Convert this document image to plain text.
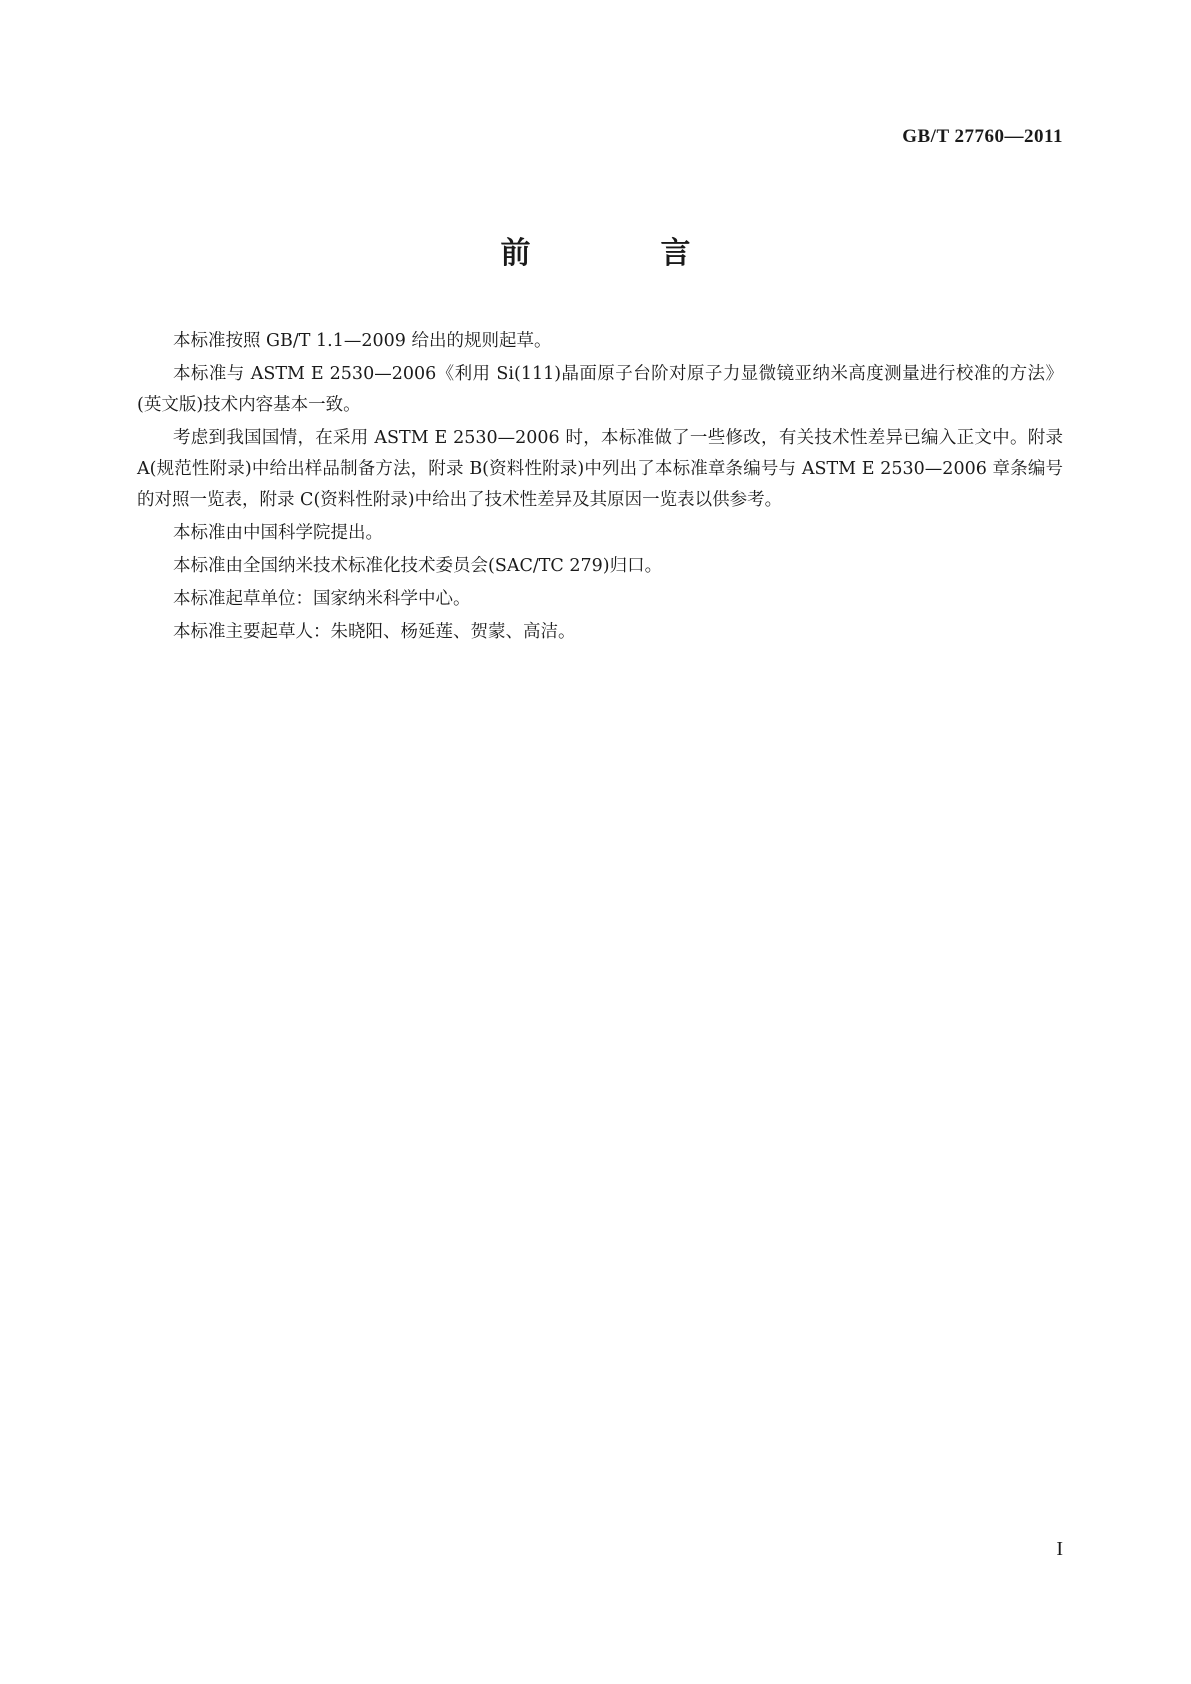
GB/T 27760—2011
前　言

本标准按照 GB/T 1.1—2009 给出的规则起草。

本标准与 ASTM E 2530—2006《利用 Si(111)晶面原子台阶对原子力显微镜亚纳米高度测量进行校准的方法》(英文版)技术内容基本一致。

考虑到我国国情，在采用 ASTM E 2530—2006 时，本标准做了一些修改，有关技术性差异已编入正文中。附录 A(规范性附录)中给出样品制备方法，附录 B(资料性附录)中列出了本标准章条编号与 ASTM E 2530—2006 章条编号的对照一览表，附录 C(资料性附录)中给出了技术性差异及其原因一览表以供参考。

本标准由中国科学院提出。

本标准由全国纳米技术标准化技术委员会(SAC/TC 279)归口。

本标准起草单位：国家纳米科学中心。

本标准主要起草人：朱晓阳、杨延莲、贺蒙、高洁。

I
